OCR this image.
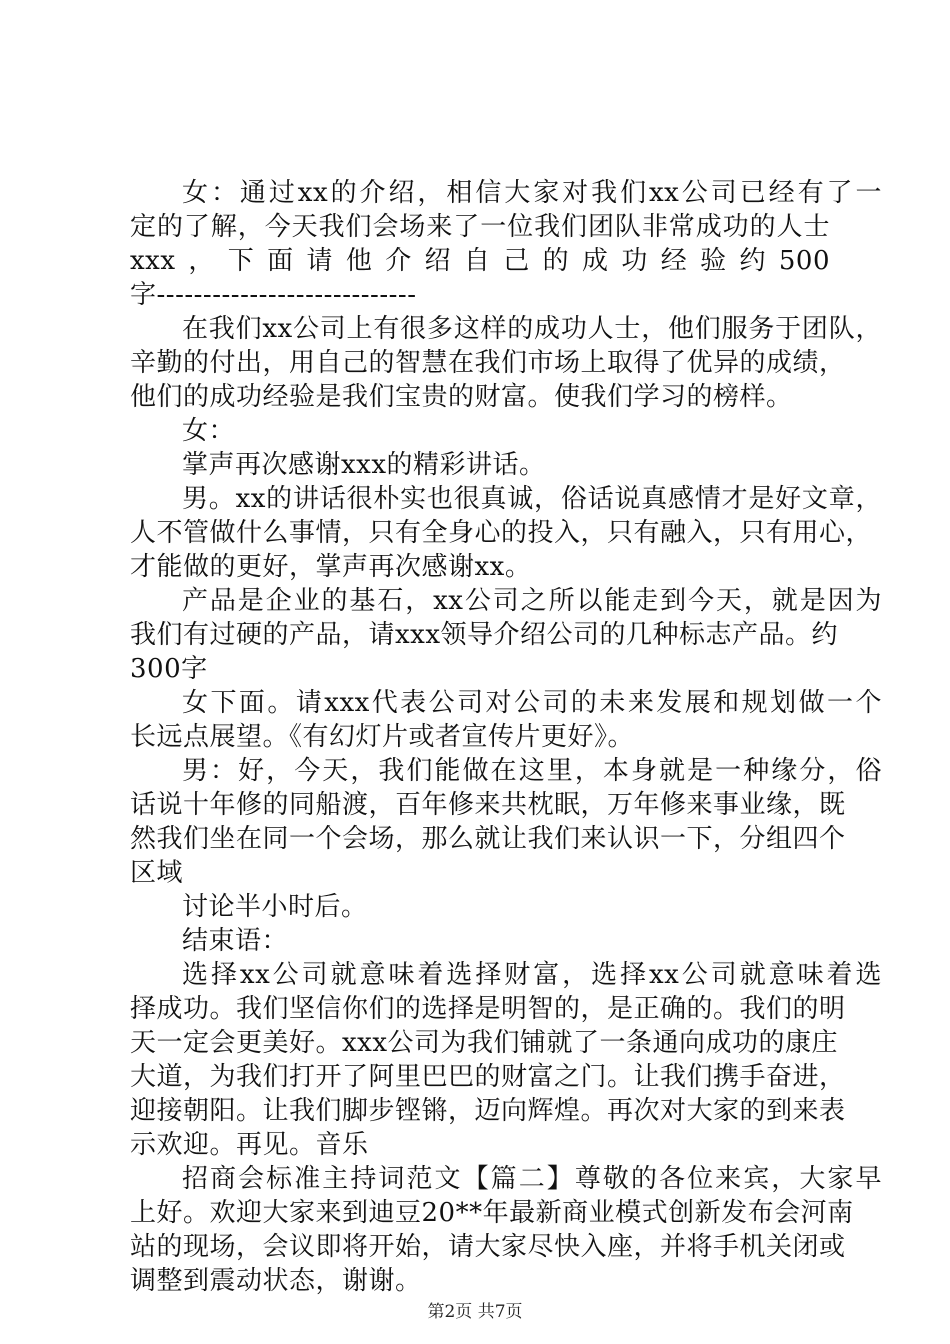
女：通过xx的介绍，相信大家对我们xx公司已经有了一
定的了解，今天我们会场来了一位我们团队非常成功的人士
xxx，下面请他介绍自己的成功经验约500
字----------------------------
在我们xx公司上有很多这样的成功人士，他们服务于团队，
辛勤的付出，用自己的智慧在我们市场上取得了优异的成绩，
他们的成功经验是我们宝贵的财富。使我们学习的榜样。
女：
掌声再次感谢xxx的精彩讲话。
男。xx的讲话很朴实也很真诚，俗话说真感情才是好文章，
人不管做什么事情，只有全身心的投入，只有融入，只有用心，
才能做的更好，掌声再次感谢xx。
产品是企业的基石，xx公司之所以能走到今天，就是因为
我们有过硬的产品，请xxx领导介绍公司的几种标志产品。约
300字
女下面。请xxx代表公司对公司的未来发展和规划做一个
长远点展望。《有幻灯片或者宣传片更好》。
男：好，今天，我们能做在这里，本身就是一种缘分，俗
话说十年修的同船渡，百年修来共枕眠，万年修来事业缘，既
然我们坐在同一个会场，那么就让我们来认识一下，分组四个
区域
讨论半小时后。
结束语：
选择xx公司就意味着选择财富，选择xx公司就意味着选
择成功。我们坚信你们的选择是明智的，是正确的。我们的明
天一定会更美好。xxx公司为我们铺就了一条通向成功的康庄
大道，为我们打开了阿里巴巴的财富之门。让我们携手奋进，
迎接朝阳。让我们脚步铿锵，迈向辉煌。再次对大家的到来表
示欢迎。再见。音乐
招商会标准主持词范文【篇二】尊敬的各位来宾，大家早
上好。欢迎大家来到迪豆20**年最新商业模式创新发布会河南
站的现场，会议即将开始，请大家尽快入座，并将手机关闭或
调整到震动状态，谢谢。
第2页 共7页
